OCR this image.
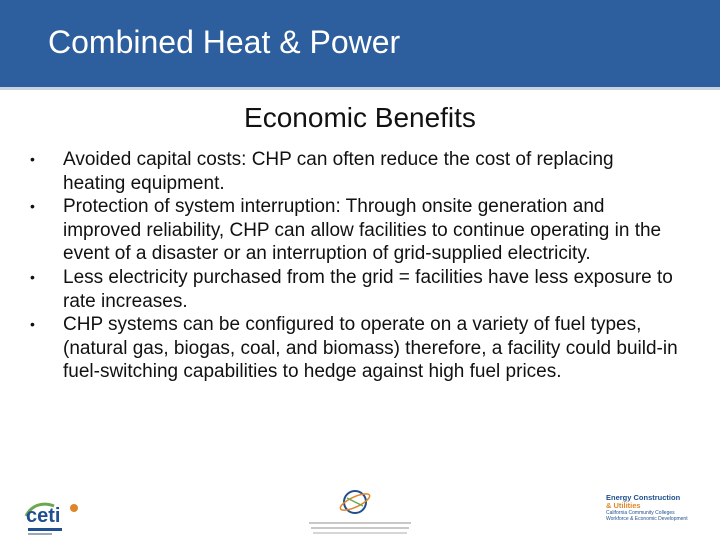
Combined Heat & Power
Economic Benefits
•	Avoided capital costs: CHP can often reduce the cost of replacing heating equipment.
•	Protection of system interruption: Through onsite generation and improved reliability, CHP can allow facilities to continue operating in the event of a disaster or an interruption of grid-supplied electricity.
•	Less electricity purchased from the grid = facilities have less exposure to rate increases.
•	CHP systems can be configured to operate on a variety of fuel types, (natural gas, biogas, coal, and biomass) therefore, a facility could build-in fuel-switching capabilities to hedge against high fuel prices.
ceti
Energy Construction
& Utilities
California Community Colleges
Workforce & Economic Development
